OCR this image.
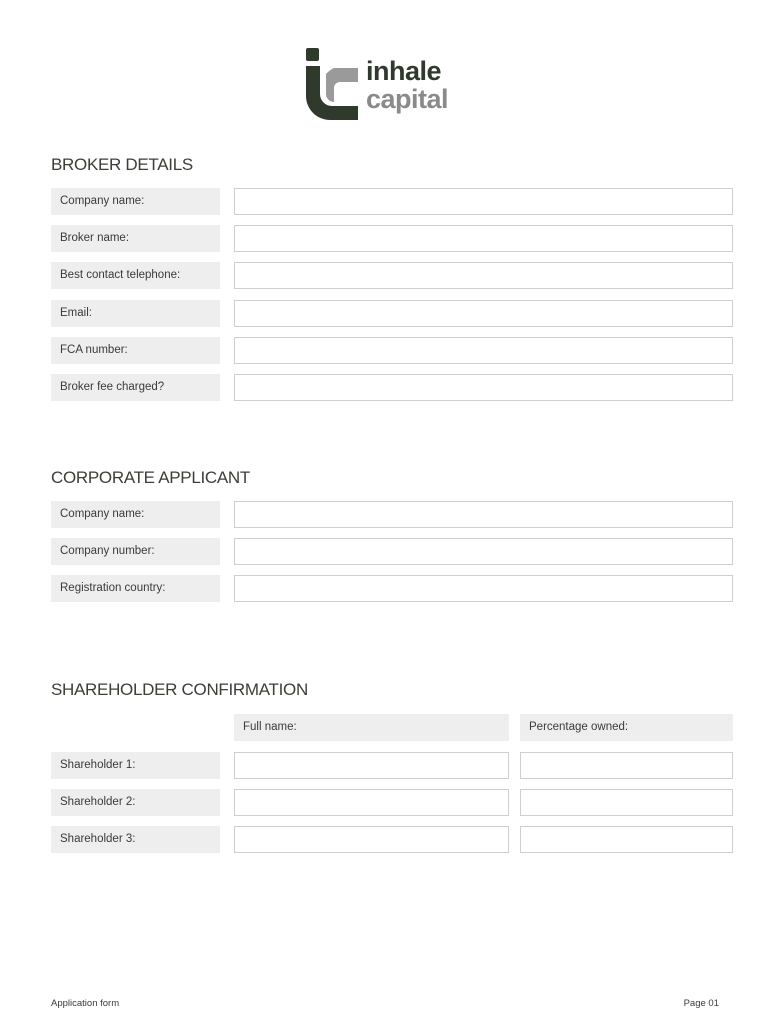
inhale
capital
BROKER DETAILS
Company name:
Broker name:
Best contact telephone:
Email:
FCA number:
Broker fee charged?
CORPORATE APPLICANT
Company name:
Company number:
Registration country:
SHAREHOLDER CONFIRMATION
Full name:	Percentage owned:
Shareholder 1:
Shareholder 2:
Shareholder 3:
Application form	Page 01
